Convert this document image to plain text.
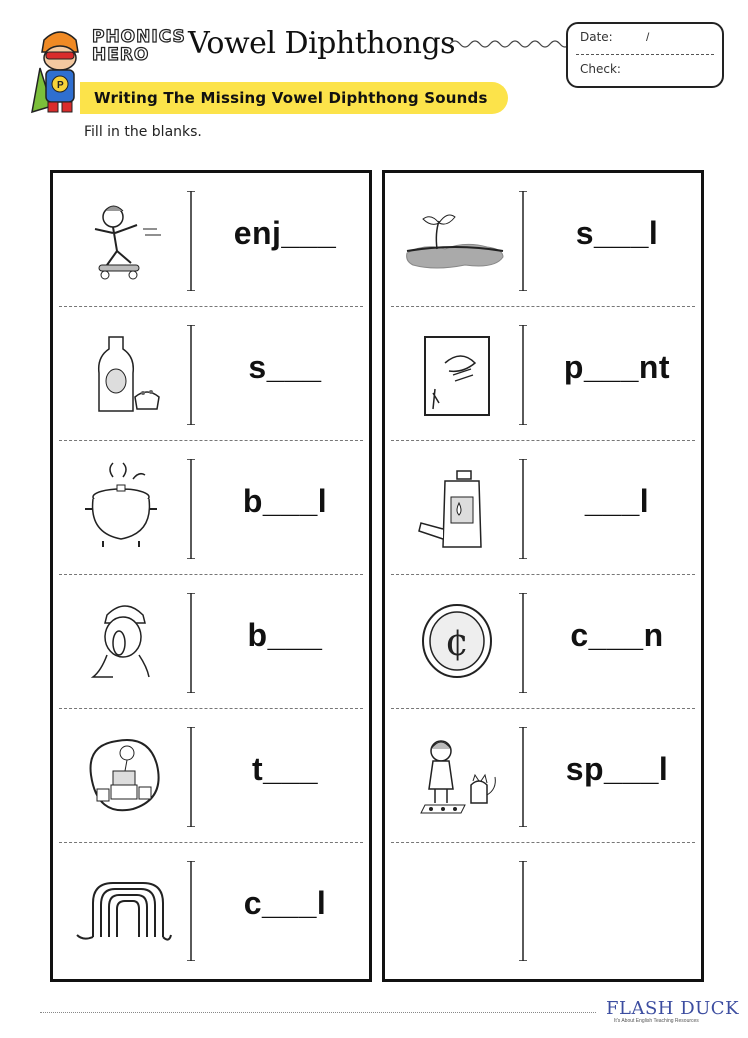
P
PHONICS
HERO	Vowel Diphthongs	Date:	/
Check:
Writing The Missing Vowel Diphthong Sounds
Fill in the blanks.
enj___
s___
b___l
b___
t___
c___l
s___l
p___nt
___l
¢	c___n
sp___l
FLASH DUCK
It's About English Teaching Resources
